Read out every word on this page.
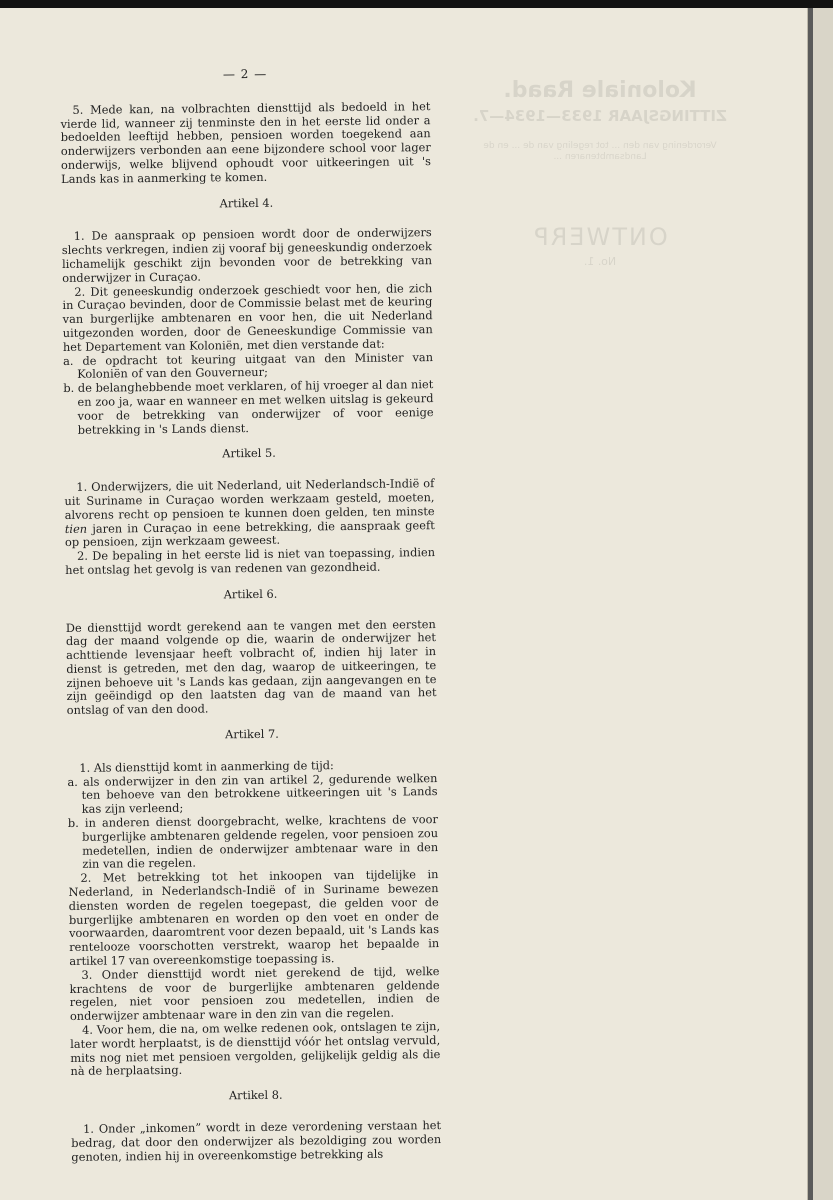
Koloniale Raad.
ZITTINGSJAAR 1933—1934—7.
Verordening van den ... tot regeling van de ... en de Landsambtenaren ...
ONTWERP
No. 1.
— 2 —

5. Mede kan, na volbrachten diensttijd als bedoeld in het vierde lid, wanneer zij tenminste den in het eerste lid onder a bedoelden leeftijd hebben, pensioen worden toegekend aan onderwijzers verbonden aan eene bijzondere school voor lager onderwijs, welke blijvend ophoudt voor uitkeeringen uit 's Lands kas in aanmerking te komen.

Artikel 4.

1. De aanspraak op pensioen wordt door de onderwijzers slechts verkregen, indien zij vooraf bij geneeskundig onderzoek lichamelijk geschikt zijn bevonden voor de betrekking van onderwijzer in Curaçao.

2. Dit geneeskundig onderzoek geschiedt voor hen, die zich in Curaçao bevinden, door de Commissie belast met de keuring van burgerlijke ambtenaren en voor hen, die uit Nederland uitgezonden worden, door de Geneeskundige Commissie van het Departement van Koloniën, met dien verstande dat:

a. de opdracht tot keuring uitgaat van den Minister van Koloniën of van den Gouverneur;

b. de belanghebbende moet verklaren, of hij vroeger al dan niet en zoo ja, waar en wanneer en met welken uitslag is gekeurd voor de betrekking van onderwijzer of voor eenige betrekking in 's Lands dienst.

Artikel 5.

1. Onderwijzers, die uit Nederland, uit Nederlandsch-Indië of uit Suriname in Curaçao worden werkzaam gesteld, moeten, alvorens recht op pensioen te kunnen doen gelden, ten minste tien jaren in Curaçao in eene betrekking, die aanspraak geeft op pensioen, zijn werkzaam geweest.

2. De bepaling in het eerste lid is niet van toepassing, indien het ontslag het gevolg is van redenen van gezondheid.

Artikel 6.

De diensttijd wordt gerekend aan te vangen met den eersten dag der maand volgende op die, waarin de onderwijzer het achttiende levensjaar heeft volbracht of, indien hij later in dienst is getreden, met den dag, waarop de uitkeeringen, te zijnen behoeve uit 's Lands kas gedaan, zijn aangevangen en te zijn geëindigd op den laatsten dag van de maand van het ontslag of van den dood.

Artikel 7.

1. Als diensttijd komt in aanmerking de tijd:

a. als onderwijzer in den zin van artikel 2, gedurende welken ten behoeve van den betrokkene uitkeeringen uit 's Lands kas zijn verleend;

b. in anderen dienst doorgebracht, welke, krachtens de voor burgerlijke ambtenaren geldende regelen, voor pensioen zou medetellen, indien de onderwijzer ambtenaar ware in den zin van die regelen.

2. Met betrekking tot het inkoopen van tijdelijke in Nederland, in Nederlandsch-Indië of in Suriname bewezen diensten worden de regelen toegepast, die gelden voor de burgerlijke ambtenaren en worden op den voet en onder de voorwaarden, daaromtrent voor dezen bepaald, uit 's Lands kas rentelooze voorschotten verstrekt, waarop het bepaalde in artikel 17 van overeenkomstige toepassing is.

3. Onder diensttijd wordt niet gerekend de tijd, welke krachtens de voor de burgerlijke ambtenaren geldende regelen, niet voor pensioen zou medetellen, indien de onderwijzer ambtenaar ware in den zin van die regelen.

4. Voor hem, die na, om welke redenen ook, ontslagen te zijn, later wordt herplaatst, is de diensttijd vóór het ontslag vervuld, mits nog niet met pensioen vergolden, gelijkelijk geldig als die nà de herplaatsing.

Artikel 8.

1. Onder „inkomen” wordt in deze verordening verstaan het bedrag, dat door den onderwijzer als bezoldiging zou worden genoten, indien hij in overeenkomstige betrekking als
